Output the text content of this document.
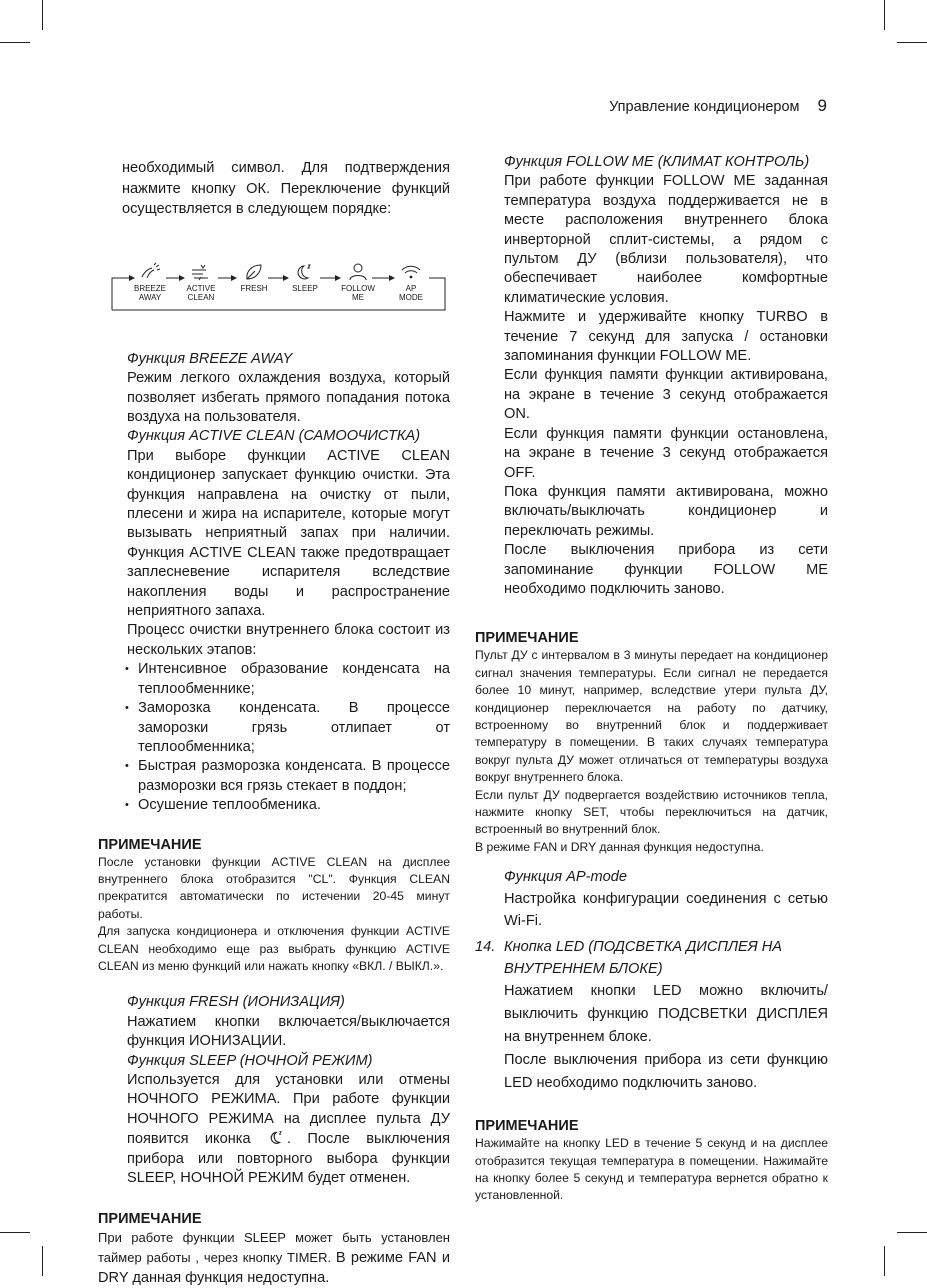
Управление кондиционером 9

необходимый символ. Для подтверждения нажмите кнопку ОК. Переключение функций осуществляется в следующем порядке:

BREEZE
AWAY
ACTIVE
CLEAN
FRESH	SLEEP	FOLLOW
ME
AP
MODE

Функция BREEZE AWAY

Режим легкого охлаждения воздуха, который позволяет избегать прямого попадания потока воздуха на пользователя.

Функция ACTIVE CLEAN (САМООЧИСТКА)

При выборе функции ACTIVE CLEAN кондиционер запускает функцию очистки. Эта функция направлена на очистку от пыли, плесени и жира на испарителе, которые могут вызывать неприятный запах при наличии. Функция ACTIVE CLEAN также предотвращает заплесневение испарителя вследствие накопления воды и распространение неприятного запаха.

Процесс очистки внутреннего блока состоит из нескольких этапов:

• Интенсивное образование конденсата на теплообменнике;
• Заморозка конденсата. В процессе заморозки грязь отлипает от теплообменника;
• Быстрая разморозка конденсата. В процессе разморозки вся грязь стекает в поддон;
• Осушение теплообменика.

ПРИМЕЧАНИЕ

После установки функции ACTIVE CLEAN на дисплее внутреннего блока отобразится "CL". Функция CLEAN прекратится автоматически по истечении 20-45 минут работы.

Для запуска кондиционера и отключения функции ACTIVE CLEAN необходимо еще раз выбрать функцию ACTIVE CLEAN из меню функций или нажать кнопку «ВКЛ. / ВЫКЛ.».

Функция FRESH (ИОНИЗАЦИЯ)

Нажатием кнопки включается/выключается функция ИОНИЗАЦИИ.

Функция SLEEP (НОЧНОЙ РЕЖИМ)

Используется для установки или отмены НОЧНОГО РЕЖИМА. При работе функции НОЧНОГО РЕЖИМА на дисплее пульта ДУ появится иконка . После выключения прибора или повторного выбора функции SLEEP, НОЧНОЙ РЕЖИМ будет отменен.

ПРИМЕЧАНИЕ

При работе функции SLEEP может быть установлен таймер работы , через кнопку TIMER. В режиме FAN и DRY данная функция недоступна.

Функция FOLLOW ME (КЛИМАТ КОНТРОЛЬ)

При работе функции FOLLOW ME заданная температура воздуха поддерживается не в месте расположения внутреннего блока инверторной сплит-системы, а рядом с пультом ДУ (вблизи пользователя), что обеспечивает наиболее комфортные климатические условия.

Нажмите и удерживайте кнопку TURBO в течение 7 секунд для запуска / остановки запоминания функции FOLLOW ME.

Если функция памяти функции активирована, на экране в течение 3 секунд отображается ON.

Если функция памяти функции остановлена, на экране в течение 3 секунд отображается OFF.

Пока функция памяти активирована, можно включать/выключать кондиционер и переключать режимы.

После выключения прибора из сети запоминание функции FOLLOW ME необходимо подключить заново.

ПРИМЕЧАНИЕ

Пульт ДУ с интервалом в 3 минуты передает на кондиционер сигнал значения температуры. Если сигнал не передается более 10 минут, например, вследствие утери пульта ДУ, кондиционер переключается на работу по датчику, встроенному во внутренний блок и поддерживает температуру в помещении. В таких случаях температура вокруг пульта ДУ может отличаться от температуры воздуха вокруг внутреннего блока.

Если пульт ДУ подвергается воздействию источников тепла, нажмите кнопку SET, чтобы переключиться на датчик, встроенный во внутренний блок.

В режиме FAN и DRY данная функция недоступна.

Функция AP-mode

Настройка конфигурации соединения с сетью Wi-Fi.

14. Кнопка LED (ПОДСВЕТКА ДИСПЛЕЯ НА
ВНУТРЕННЕМ БЛОКЕ)

Нажатием кнопки LED можно включить/выключить функцию ПОДСВЕТКИ ДИСПЛЕЯ на внутреннем блоке.

После выключения прибора из сети функцию LED необходимо подключить заново.

ПРИМЕЧАНИЕ

Нажимайте на кнопку LED в течение 5 секунд и на дисплее отобразится текущая температура в помещении. Нажимайте на кнопку более 5 секунд и температура вернется обратно к установленной.
